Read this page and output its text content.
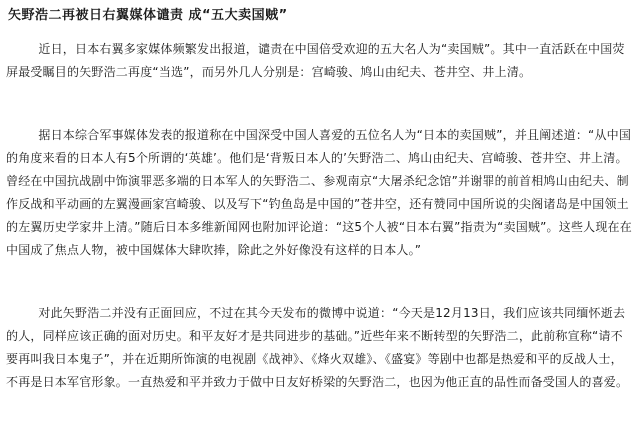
矢野浩二再被日右翼媒体谴责 成“五大卖国贼”

近日，日本右翼多家媒体频繁发出报道，谴责在中国倍受欢迎的五大名人为“卖国贼”。其中一直活跃在中国荧屏最受瞩目的矢野浩二再度“当选”，而另外几人分别是：宫崎骏、鸠山由纪夫、苍井空、井上清。

据日本综合军事媒体发表的报道称在中国深受中国人喜爱的五位名人为“日本的卖国贼”，并且阐述道：“从中国的角度来看的日本人有5个所谓的‘英雄’。他们是‘背叛日本人的’矢野浩二、鸠山由纪夫、宫崎骏、苍井空、井上清。曾经在中国抗战剧中饰演罪恶多端的日本军人的矢野浩二、参观南京“大屠杀纪念馆”并谢罪的前首相鸠山由纪夫、制作反战和平动画的左翼漫画家宫崎骏、以及写下“钓鱼岛是中国的”苍井空，还有赞同中国所说的尖阁诸岛是中国领土的左翼历史学家井上清。”随后日本多维新闻网也附加评论道：“这5个人被“日本右翼”指责为“卖国贼”。这些人现在在中国成了焦点人物，被中国媒体大肆吹捧，除此之外好像没有这样的日本人。”

对此矢野浩二并没有正面回应，不过在其今天发布的微博中说道：“今天是12月13日，我们应该共同缅怀逝去的人，同样应该正确的面对历史。和平友好才是共同进步的基础。”近些年来不断转型的矢野浩二，此前称宣称“请不要再叫我日本鬼子”，并在近期所饰演的电视剧《战神》、《烽火双雄》、《盛宴》等剧中也都是热爱和平的反战人士，不再是日本军官形象。一直热爱和平并致力于做中日友好桥梁的矢野浩二，也因为他正直的品性而备受国人的喜爱。
